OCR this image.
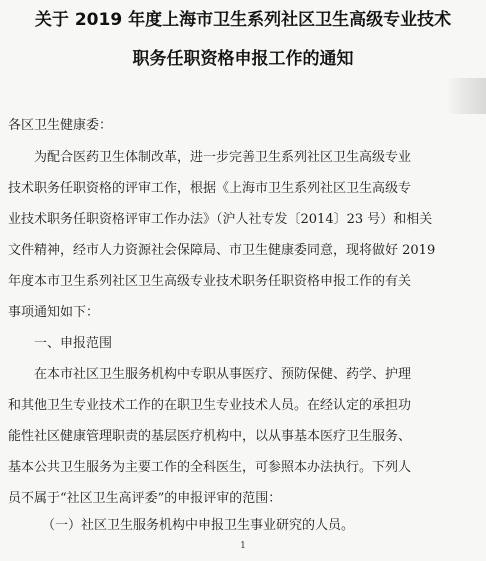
关于 2019 年度上海市卫生系列社区卫生高级专业技术
职务任职资格申报工作的通知
各区卫生健康委：
为配合医药卫生体制改革，进一步完善卫生系列社区卫生高级专业
技术职务任职资格的评审工作，根据《上海市卫生系列社区卫生高级专
业技术职务任职资格评审工作办法》（沪人社专发〔2014〕23 号）和相关
文件精神，经市人力资源社会保障局、市卫生健康委同意，现将做好 2019
年度本市卫生系列社区卫生高级专业技术职务任职资格申报工作的有关
事项通知如下：
一、申报范围
在本市社区卫生服务机构中专职从事医疗、预防保健、药学、护理
和其他卫生专业技术工作的在职卫生专业技术人员。在经认定的承担功
能性社区健康管理职责的基层医疗机构中，以从事基本医疗卫生服务、
基本公共卫生服务为主要工作的全科医生，可参照本办法执行。下列人
员不属于“社区卫生高评委”的申报评审的范围：
（一）社区卫生服务机构中申报卫生事业研究的人员。
1
